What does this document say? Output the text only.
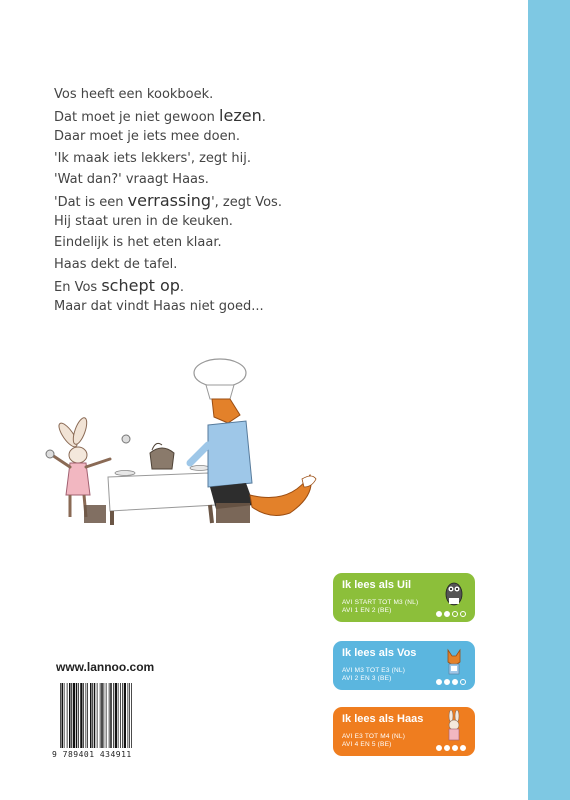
Vos heeft een kookboek.
Dat moet je niet gewoon lezen.
Daar moet je iets mee doen.
'Ik maak iets lekkers', zegt hij.
'Wat dan?' vraagt Haas.
'Dat is een verrassing', zegt Vos.
Hij staat uren in de keuken.
Eindelijk is het eten klaar.
Haas dekt de tafel.
En Vos schept op.
Maar dat vindt Haas niet goed...
www.lannoo.com
9 789401 434911
Ik lees als Uil
AVI START TOT M3 (NL)
AVI 1 EN 2 (BE)
Ik lees als Vos
AVI M3 TOT E3 (NL)
AVI 2 EN 3 (BE)
Ik lees als Haas
AVI E3 TOT M4 (NL)
AVI 4 EN 5 (BE)
